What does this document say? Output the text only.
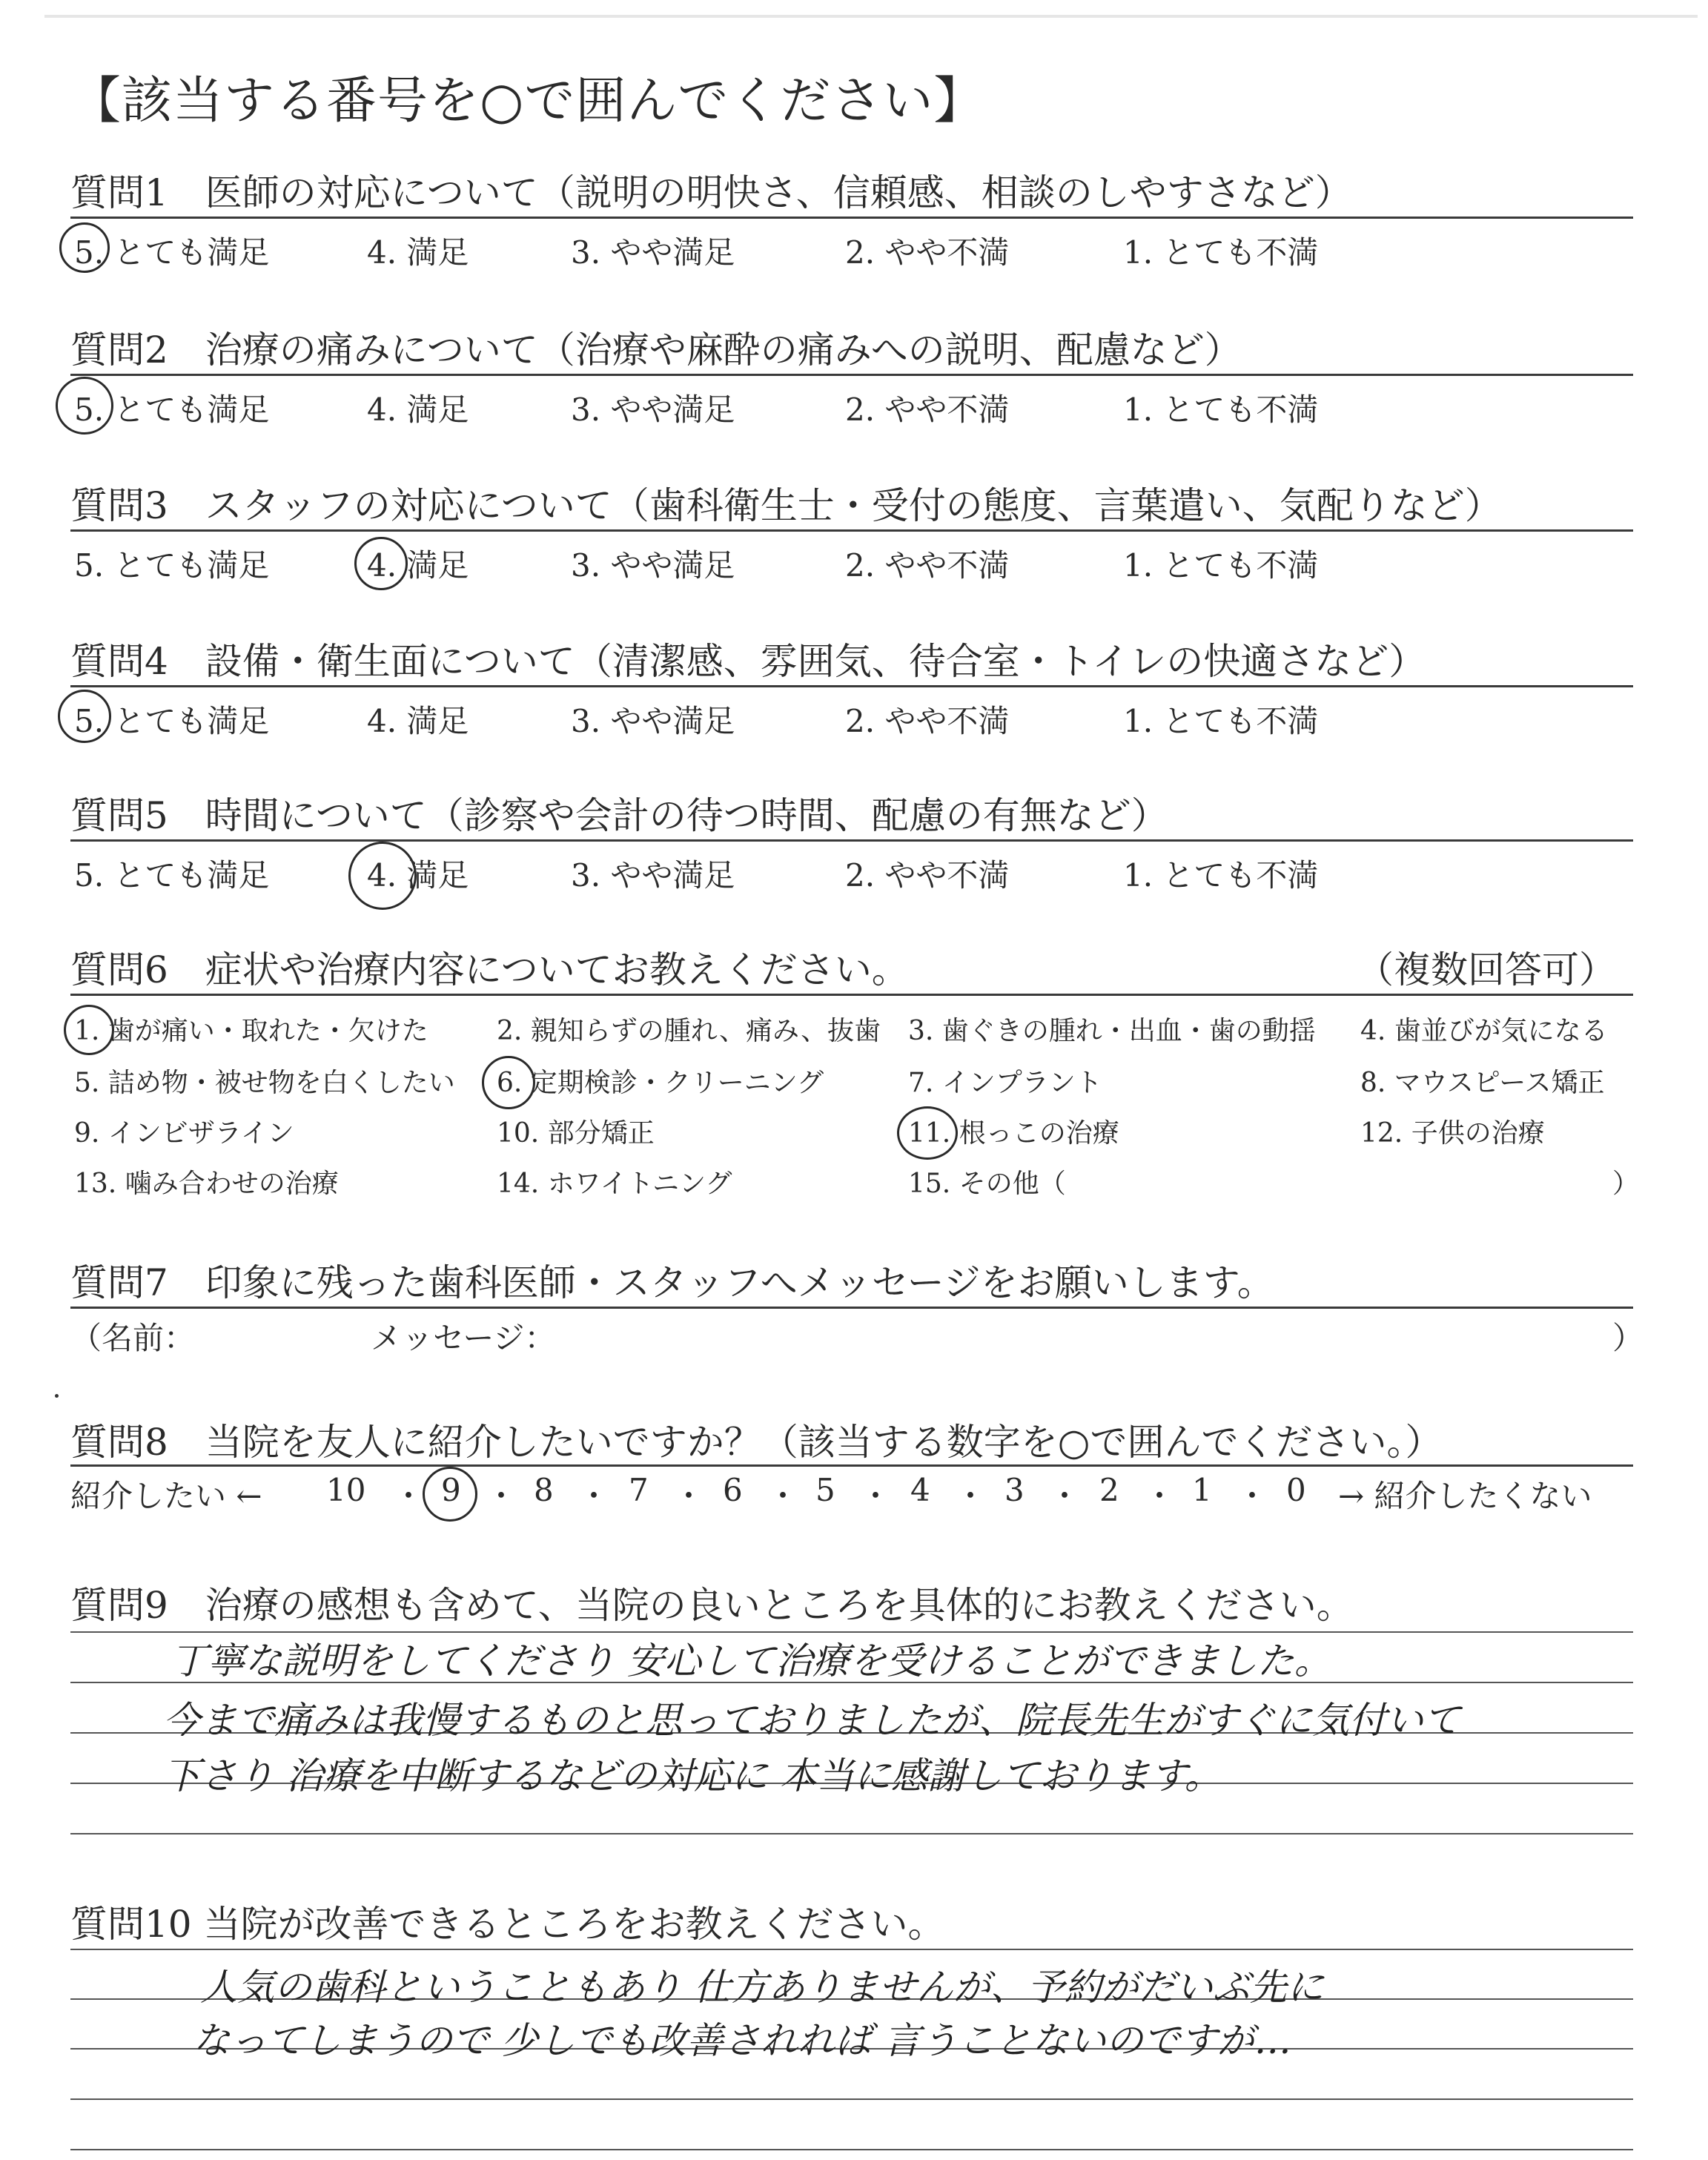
【該当する番号を○で囲んでください】
質問1　医師の対応について（説明の明快さ、信頼感、相談のしやすさなど）
5. とても満足	4. 満足	3. やや満足	2. やや不満	1. とても不満
質問2　治療の痛みについて（治療や麻酔の痛みへの説明、配慮など）
5. とても満足	4. 満足	3. やや満足	2. やや不満	1. とても不満
質問3　スタッフの対応について（歯科衛生士・受付の態度、言葉遣い、気配りなど）
5. とても満足	4. 満足	3. やや満足	2. やや不満	1. とても不満
質問4　設備・衛生面について（清潔感、雰囲気、待合室・トイレの快適さなど）
5. とても満足	4. 満足	3. やや満足	2. やや不満	1. とても不満
質問5　時間について（診察や会計の待つ時間、配慮の有無など）
5. とても満足	4. 満足	3. やや満足	2. やや不満	1. とても不満
質問6　症状や治療内容についてお教えください。	（複数回答可）
1. 歯が痛い・取れた・欠けた	2. 親知らずの腫れ、痛み、抜歯 3. 歯ぐきの腫れ・出血・歯の動揺 4. 歯並びが気になる
5. 詰め物・被せ物を白くしたい 6. 定期検診・クリーニング	7. インプラント	8. マウスピース矯正
9. インビザライン	10. 部分矯正	11. 根っこの治療	12. 子供の治療
13. 噛み合わせの治療	14. ホワイトニング	15. その他（	）
質問7　印象に残った歯科医師・スタッフへメッセージをお願いします。
（名前：	メッセージ：	）
質問8　当院を友人に紹介したいですか？（該当する数字を○で囲んでください。）
紹介したい ← 10 ・ 9 ・ 8 ・ 7 ・ 6 ・ 5 ・ 4 ・ 3 ・ 2 ・ 1 ・ 0 → 紹介したくない
質問9　治療の感想も含めて、当院の良いところを具体的にお教えください。
丁寧な説明をしてくださり 安心して治療を受けることができました。
今まで痛みは我慢するものと思っておりましたが、院長先生がすぐに気付いて
下さり 治療を中断するなどの対応に 本当に感謝しております。
質問10 当院が改善できるところをお教えください。
人気の歯科ということもあり 仕方ありませんが、予約がだいぶ先に
なってしまうので 少しでも改善されれば 言うことないのですが…
